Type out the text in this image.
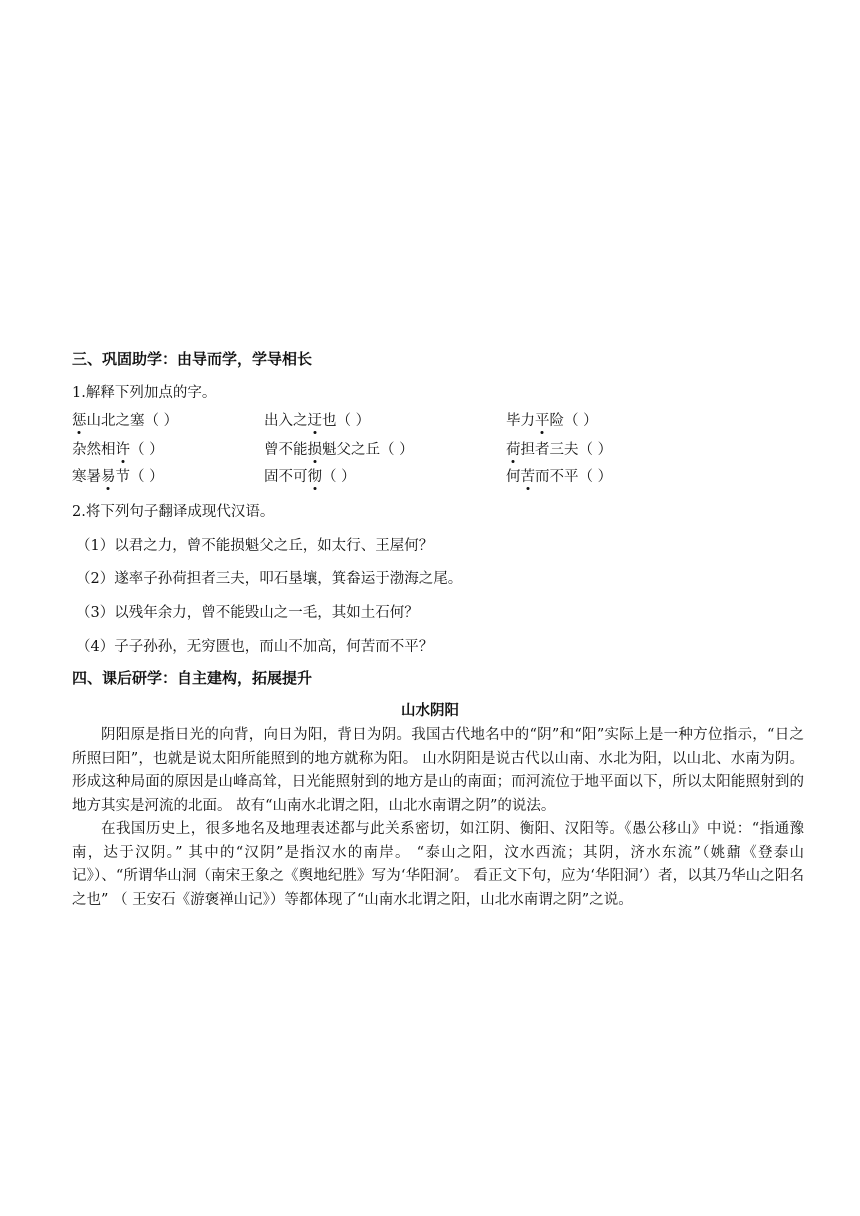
三、巩固助学：由导而学，学导相长
1.解释下列加点的字。
惩山北之塞（ ）	出入之迂也（ ）	毕力平险（ ）
杂然相许（ ）	曾不能损魁父之丘（ ）	荷担者三夫（ ）
寒暑易节（ ）	固不可彻（ ）	何苦而不平（ ）
2.将下列句子翻译成现代汉语。
（1）以君之力，曾不能损魁父之丘，如太行、王屋何？
（2）遂率子孙荷担者三夫，叩石垦壤，箕畚运于渤海之尾。
（3）以残年余力，曾不能毁山之一毛，其如土石何？
（4）子子孙孙，无穷匮也，而山不加高，何苦而不平？
四、课后研学：自主建构，拓展提升
山水阴阳
阴阳原是指日光的向背，向日为阳，背日为阴。我国古代地名中的“阴”和“阳”实际上是一种方位指示，“日之所照曰阳”，也就是说太阳所能照到的地方就称为阳。 山水阴阳是说古代以山南、水北为阳，以山北、水南为阴。 形成这种局面的原因是山峰高耸，日光能照射到的地方是山的南面；而河流位于地平面以下，所以太阳能照射到的地方其实是河流的北面。 故有“山南水北谓之阳，山北水南谓之阴”的说法。
在我国历史上，很多地名及地理表述都与此关系密切，如江阴、衡阳、汉阳等。《愚公移山》中说：“指通豫南，达于汉阴。” 其中的“汉阴”是指汉水的南岸。 “泰山之阳，汶水西流；其阴，济水东流”（姚鼐《登泰山记》）、“所谓华山洞（南宋王象之《舆地纪胜》写为‘华阳洞’。 看正文下句，应为‘华阳洞’）者，以其乃华山之阳名之也” （ 王安石《游褒禅山记》）等都体现了“山南水北谓之阳，山北水南谓之阴”之说。
